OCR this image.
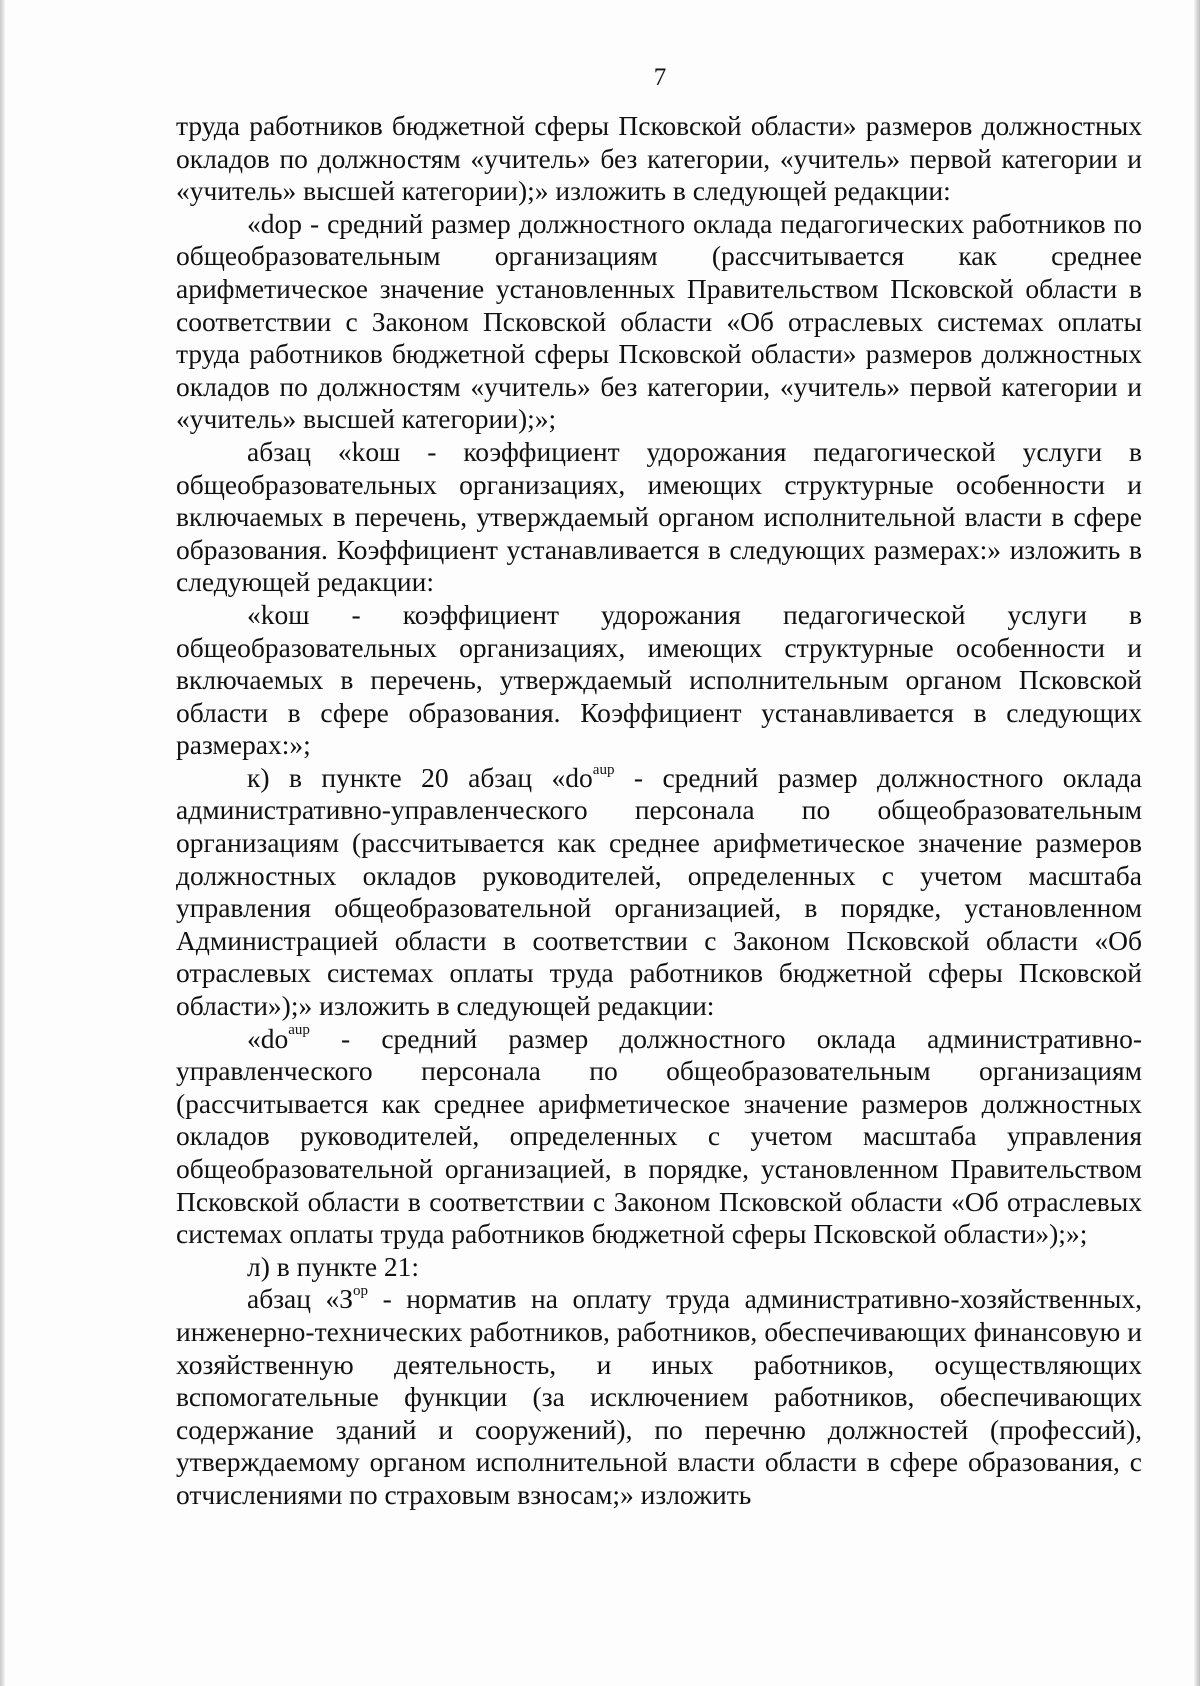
7

труда работников бюджетной сферы Псковской области» размеров должностных окладов по должностям «учитель» без категории, «учитель» первой категории и «учитель» высшей категории);» изложить в следующей редакции:

«dop - средний размер должностного оклада педагогических работников по общеобразовательным организациям (рассчитывается как среднее арифметическое значение установленных Правительством Псковской области в соответствии с Законом Псковской области «Об отраслевых системах оплаты труда работников бюджетной сферы Псковской области» размеров должностных окладов по должностям «учитель» без категории, «учитель» первой категории и «учитель» высшей категории);»;

абзац «kош - коэффициент удорожания педагогической услуги в общеобразовательных организациях, имеющих структурные особенности и включаемых в перечень, утверждаемый органом исполнительной власти в сфере образования. Коэффициент устанавливается в следующих размерах:» изложить в следующей редакции:

«kош - коэффициент удорожания педагогической услуги в общеобразовательных организациях, имеющих структурные особенности и включаемых в перечень, утверждаемый исполнительным органом Псковской области в сфере образования. Коэффициент устанавливается в следующих размерах:»;

к) в пункте 20 абзац «$do^{aup}$ - средний размер должностного оклада административно-управленческого персонала по общеобразовательным организациям (рассчитывается как среднее арифметическое значение размеров должностных окладов руководителей, определенных с учетом масштаба управления общеобразовательной организацией, в порядке, установленном Администрацией области в соответствии с Законом Псковской области «Об отраслевых системах оплаты труда работников бюджетной сферы Псковской области»);» изложить в следующей редакции:

«$do^{aup}$ - средний размер должностного оклада административно-управленческого персонала по общеобразовательным организациям (рассчитывается как среднее арифметическое значение размеров должностных окладов руководителей, определенных с учетом масштаба управления общеобразовательной организацией, в порядке, установленном Правительством Псковской области в соответствии с Законом Псковской области «Об отраслевых системах оплаты труда работников бюджетной сферы Псковской области»);»;

л) в пункте 21:

абзац «$З^{ор}$ - норматив на оплату труда административно-хозяйственных, инженерно-технических работников, работников, обеспечивающих финансовую и хозяйственную деятельность, и иных работников, осуществляющих вспомогательные функции (за исключением работников, обеспечивающих содержание зданий и сооружений), по перечню должностей (профессий), утверждаемому органом исполнительной власти области в сфере образования, с отчислениями по страховым взносам;» изложить
